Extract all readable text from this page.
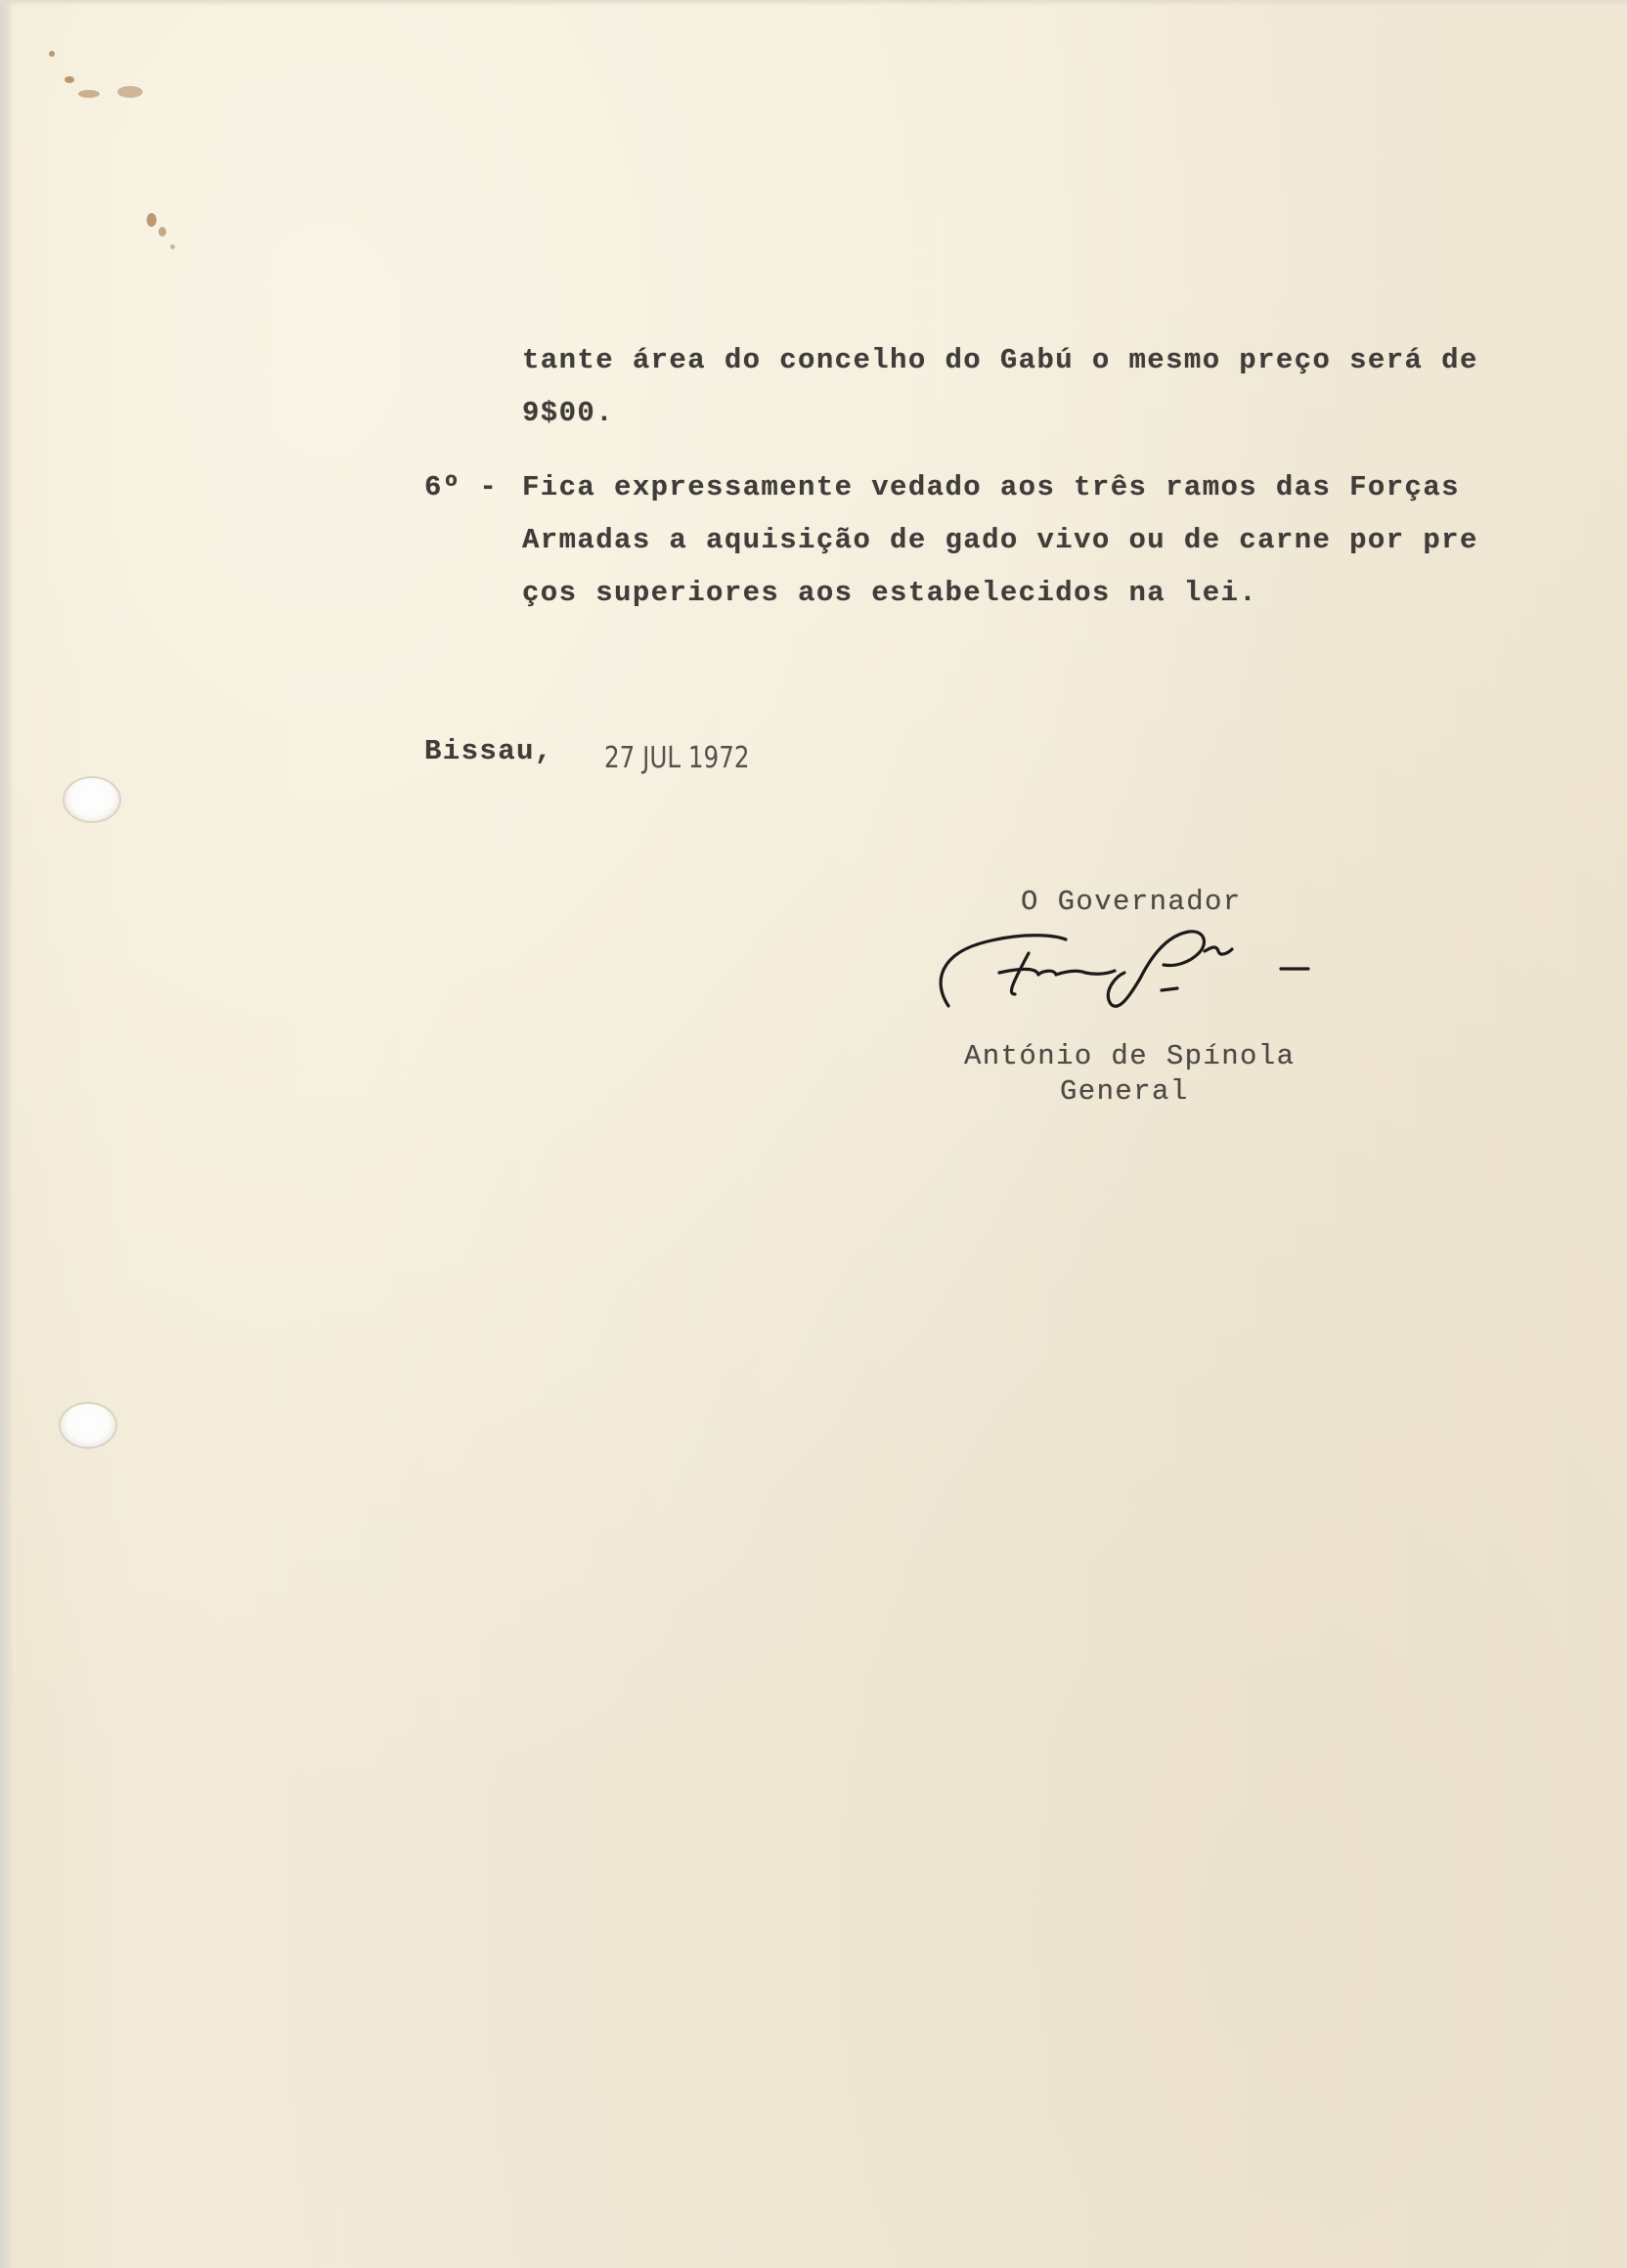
tante área do concelho do Gabú o mesmo preço será de
9$00.
6º - Fica expressamente vedado aos três ramos das Forças
Armadas a aquisição de gado vivo ou de carne por pre
ços superiores aos estabelecidos na lei.
Bissau, 27 JUL 1972
O Governador
António de Spínola
General
